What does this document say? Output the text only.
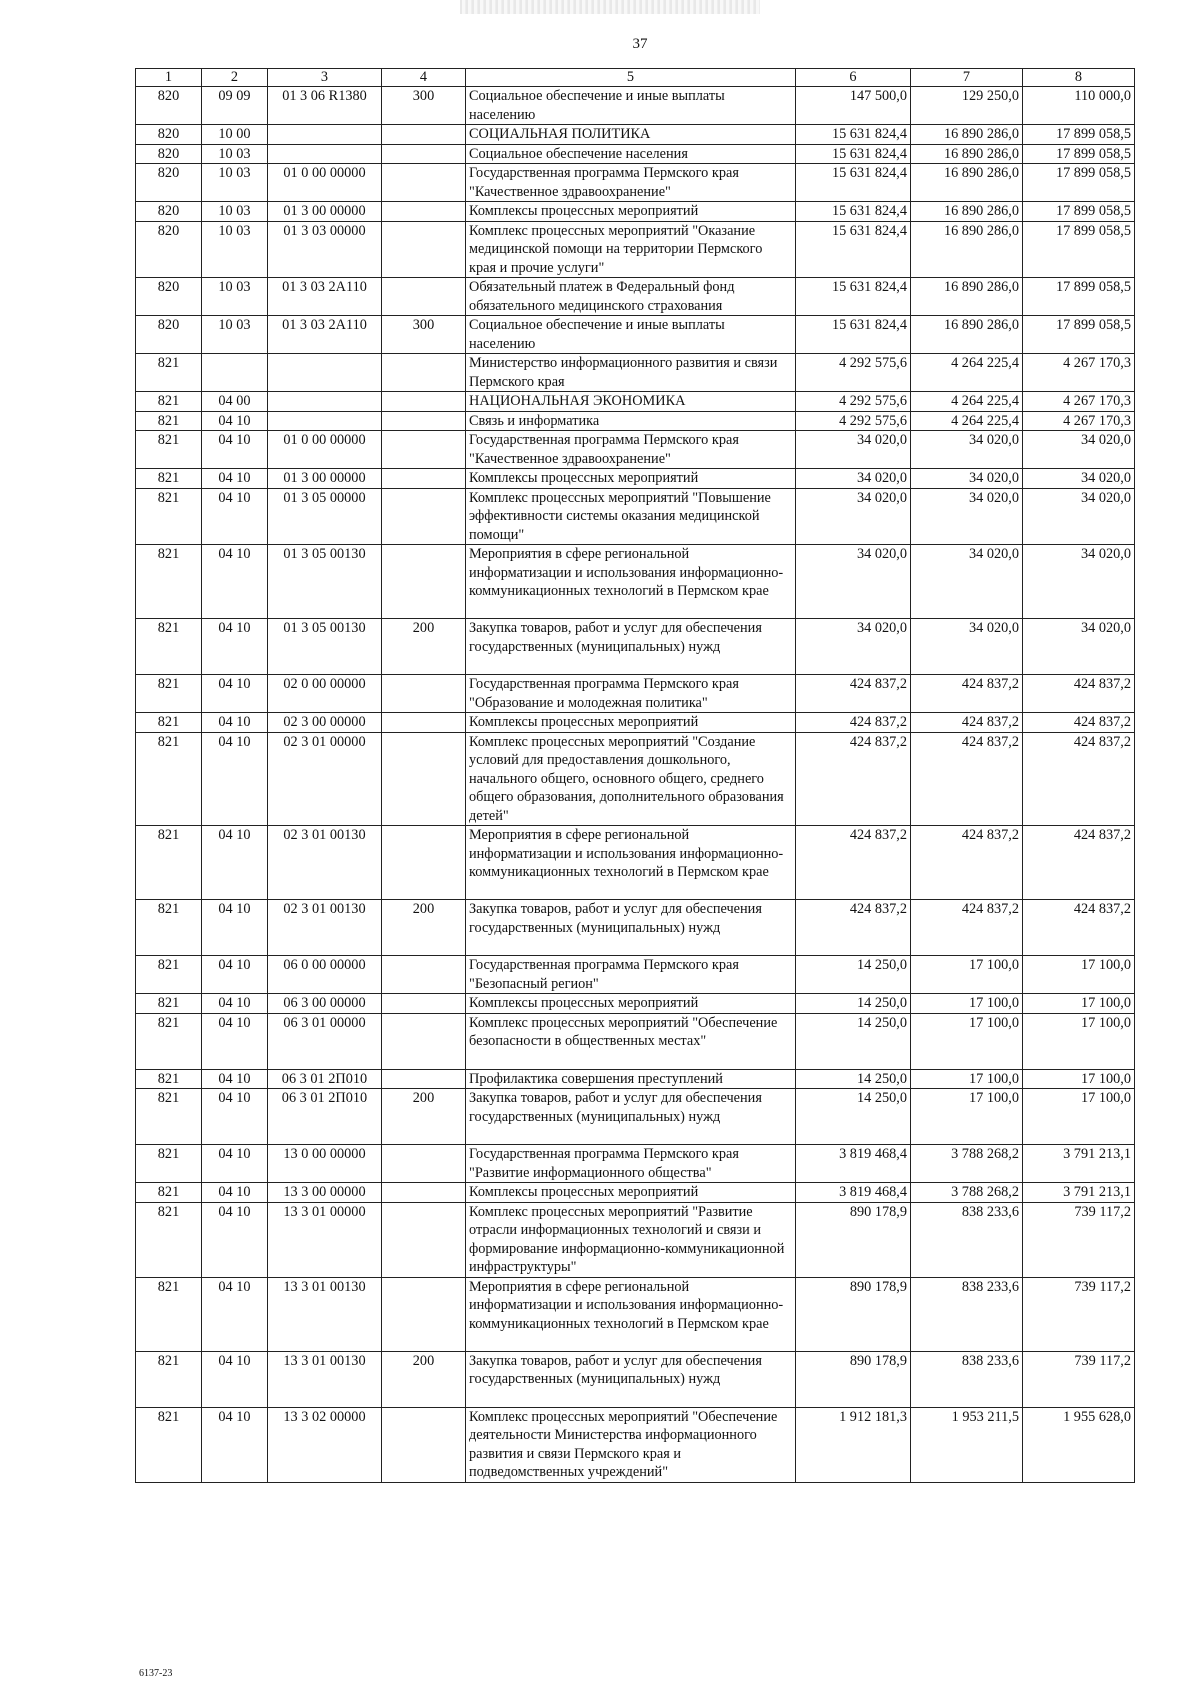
37
1	2	3	4	5	6	7	8
820	09 09	01 3 06 R1380	300	Социальное обеспечение и иные выплаты населению	147 500,0	129 250,0	110 000,0
820	10 00			СОЦИАЛЬНАЯ ПОЛИТИКА	15 631 824,4	16 890 286,0	17 899 058,5
820	10 03			Социальное обеспечение населения	15 631 824,4	16 890 286,0	17 899 058,5
820	10 03	01 0 00 00000		Государственная программа Пермского края "Качественное здравоохранение"	15 631 824,4	16 890 286,0	17 899 058,5
820	10 03	01 3 00 00000		Комплексы процессных мероприятий	15 631 824,4	16 890 286,0	17 899 058,5
820	10 03	01 3 03 00000		Комплекс процессных мероприятий "Оказание медицинской помощи на территории Пермского края и прочие услуги"	15 631 824,4	16 890 286,0	17 899 058,5
820	10 03	01 3 03 2А110		Обязательный платеж в Федеральный фонд обязательного медицинского страхования	15 631 824,4	16 890 286,0	17 899 058,5
820	10 03	01 3 03 2А110	300	Социальное обеспечение и иные выплаты населению	15 631 824,4	16 890 286,0	17 899 058,5
821				Министерство информационного развития и связи Пермского края	4 292 575,6	4 264 225,4	4 267 170,3
821	04 00			НАЦИОНАЛЬНАЯ ЭКОНОМИКА	4 292 575,6	4 264 225,4	4 267 170,3
821	04 10			Связь и информатика	4 292 575,6	4 264 225,4	4 267 170,3
821	04 10	01 0 00 00000		Государственная программа Пермского края "Качественное здравоохранение"	34 020,0	34 020,0	34 020,0
821	04 10	01 3 00 00000		Комплексы процессных мероприятий	34 020,0	34 020,0	34 020,0
821	04 10	01 3 05 00000		Комплекс процессных мероприятий "Повышение эффективности системы оказания медицинской помощи"	34 020,0	34 020,0	34 020,0
821	04 10	01 3 05 00130		Мероприятия в сфере региональной информатизации и использования информационно-коммуникационных технологий в Пермском крае	34 020,0	34 020,0	34 020,0
821	04 10	01 3 05 00130	200	Закупка товаров, работ и услуг для обеспечения государственных (муниципальных) нужд	34 020,0	34 020,0	34 020,0
821	04 10	02 0 00 00000		Государственная программа Пермского края "Образование и молодежная политика"	424 837,2	424 837,2	424 837,2
821	04 10	02 3 00 00000		Комплексы процессных мероприятий	424 837,2	424 837,2	424 837,2
821	04 10	02 3 01 00000		Комплекс процессных мероприятий "Создание условий для предоставления дошкольного, начального общего, основного общего, среднего общего образования, дополнительного образования детей"	424 837,2	424 837,2	424 837,2
821	04 10	02 3 01 00130		Мероприятия в сфере региональной информатизации и использования информационно-коммуникационных технологий в Пермском крае	424 837,2	424 837,2	424 837,2
821	04 10	02 3 01 00130	200	Закупка товаров, работ и услуг для обеспечения государственных (муниципальных) нужд	424 837,2	424 837,2	424 837,2
821	04 10	06 0 00 00000		Государственная программа Пермского края "Безопасный регион"	14 250,0	17 100,0	17 100,0
821	04 10	06 3 00 00000		Комплексы процессных мероприятий	14 250,0	17 100,0	17 100,0
821	04 10	06 3 01 00000		Комплекс процессных мероприятий "Обеспечение безопасности в общественных местах"	14 250,0	17 100,0	17 100,0
821	04 10	06 3 01 2П010		Профилактика совершения преступлений	14 250,0	17 100,0	17 100,0
821	04 10	06 3 01 2П010	200	Закупка товаров, работ и услуг для обеспечения государственных (муниципальных) нужд	14 250,0	17 100,0	17 100,0
821	04 10	13 0 00 00000		Государственная программа Пермского края "Развитие информационного общества"	3 819 468,4	3 788 268,2	3 791 213,1
821	04 10	13 3 00 00000		Комплексы процессных мероприятий	3 819 468,4	3 788 268,2	3 791 213,1
821	04 10	13 3 01 00000		Комплекс процессных мероприятий "Развитие отрасли информационных технологий и связи и формирование информационно-коммуникационной инфраструктуры"	890 178,9	838 233,6	739 117,2
821	04 10	13 3 01 00130		Мероприятия в сфере региональной информатизации и использования информационно-коммуникационных технологий в Пермском крае	890 178,9	838 233,6	739 117,2
821	04 10	13 3 01 00130	200	Закупка товаров, работ и услуг для обеспечения государственных (муниципальных) нужд	890 178,9	838 233,6	739 117,2
821	04 10	13 3 02 00000		Комплекс процессных мероприятий "Обеспечение деятельности Министерства информационного развития и связи Пермского края и подведомственных учреждений"	1 912 181,3	1 953 211,5	1 955 628,0
6137-23
